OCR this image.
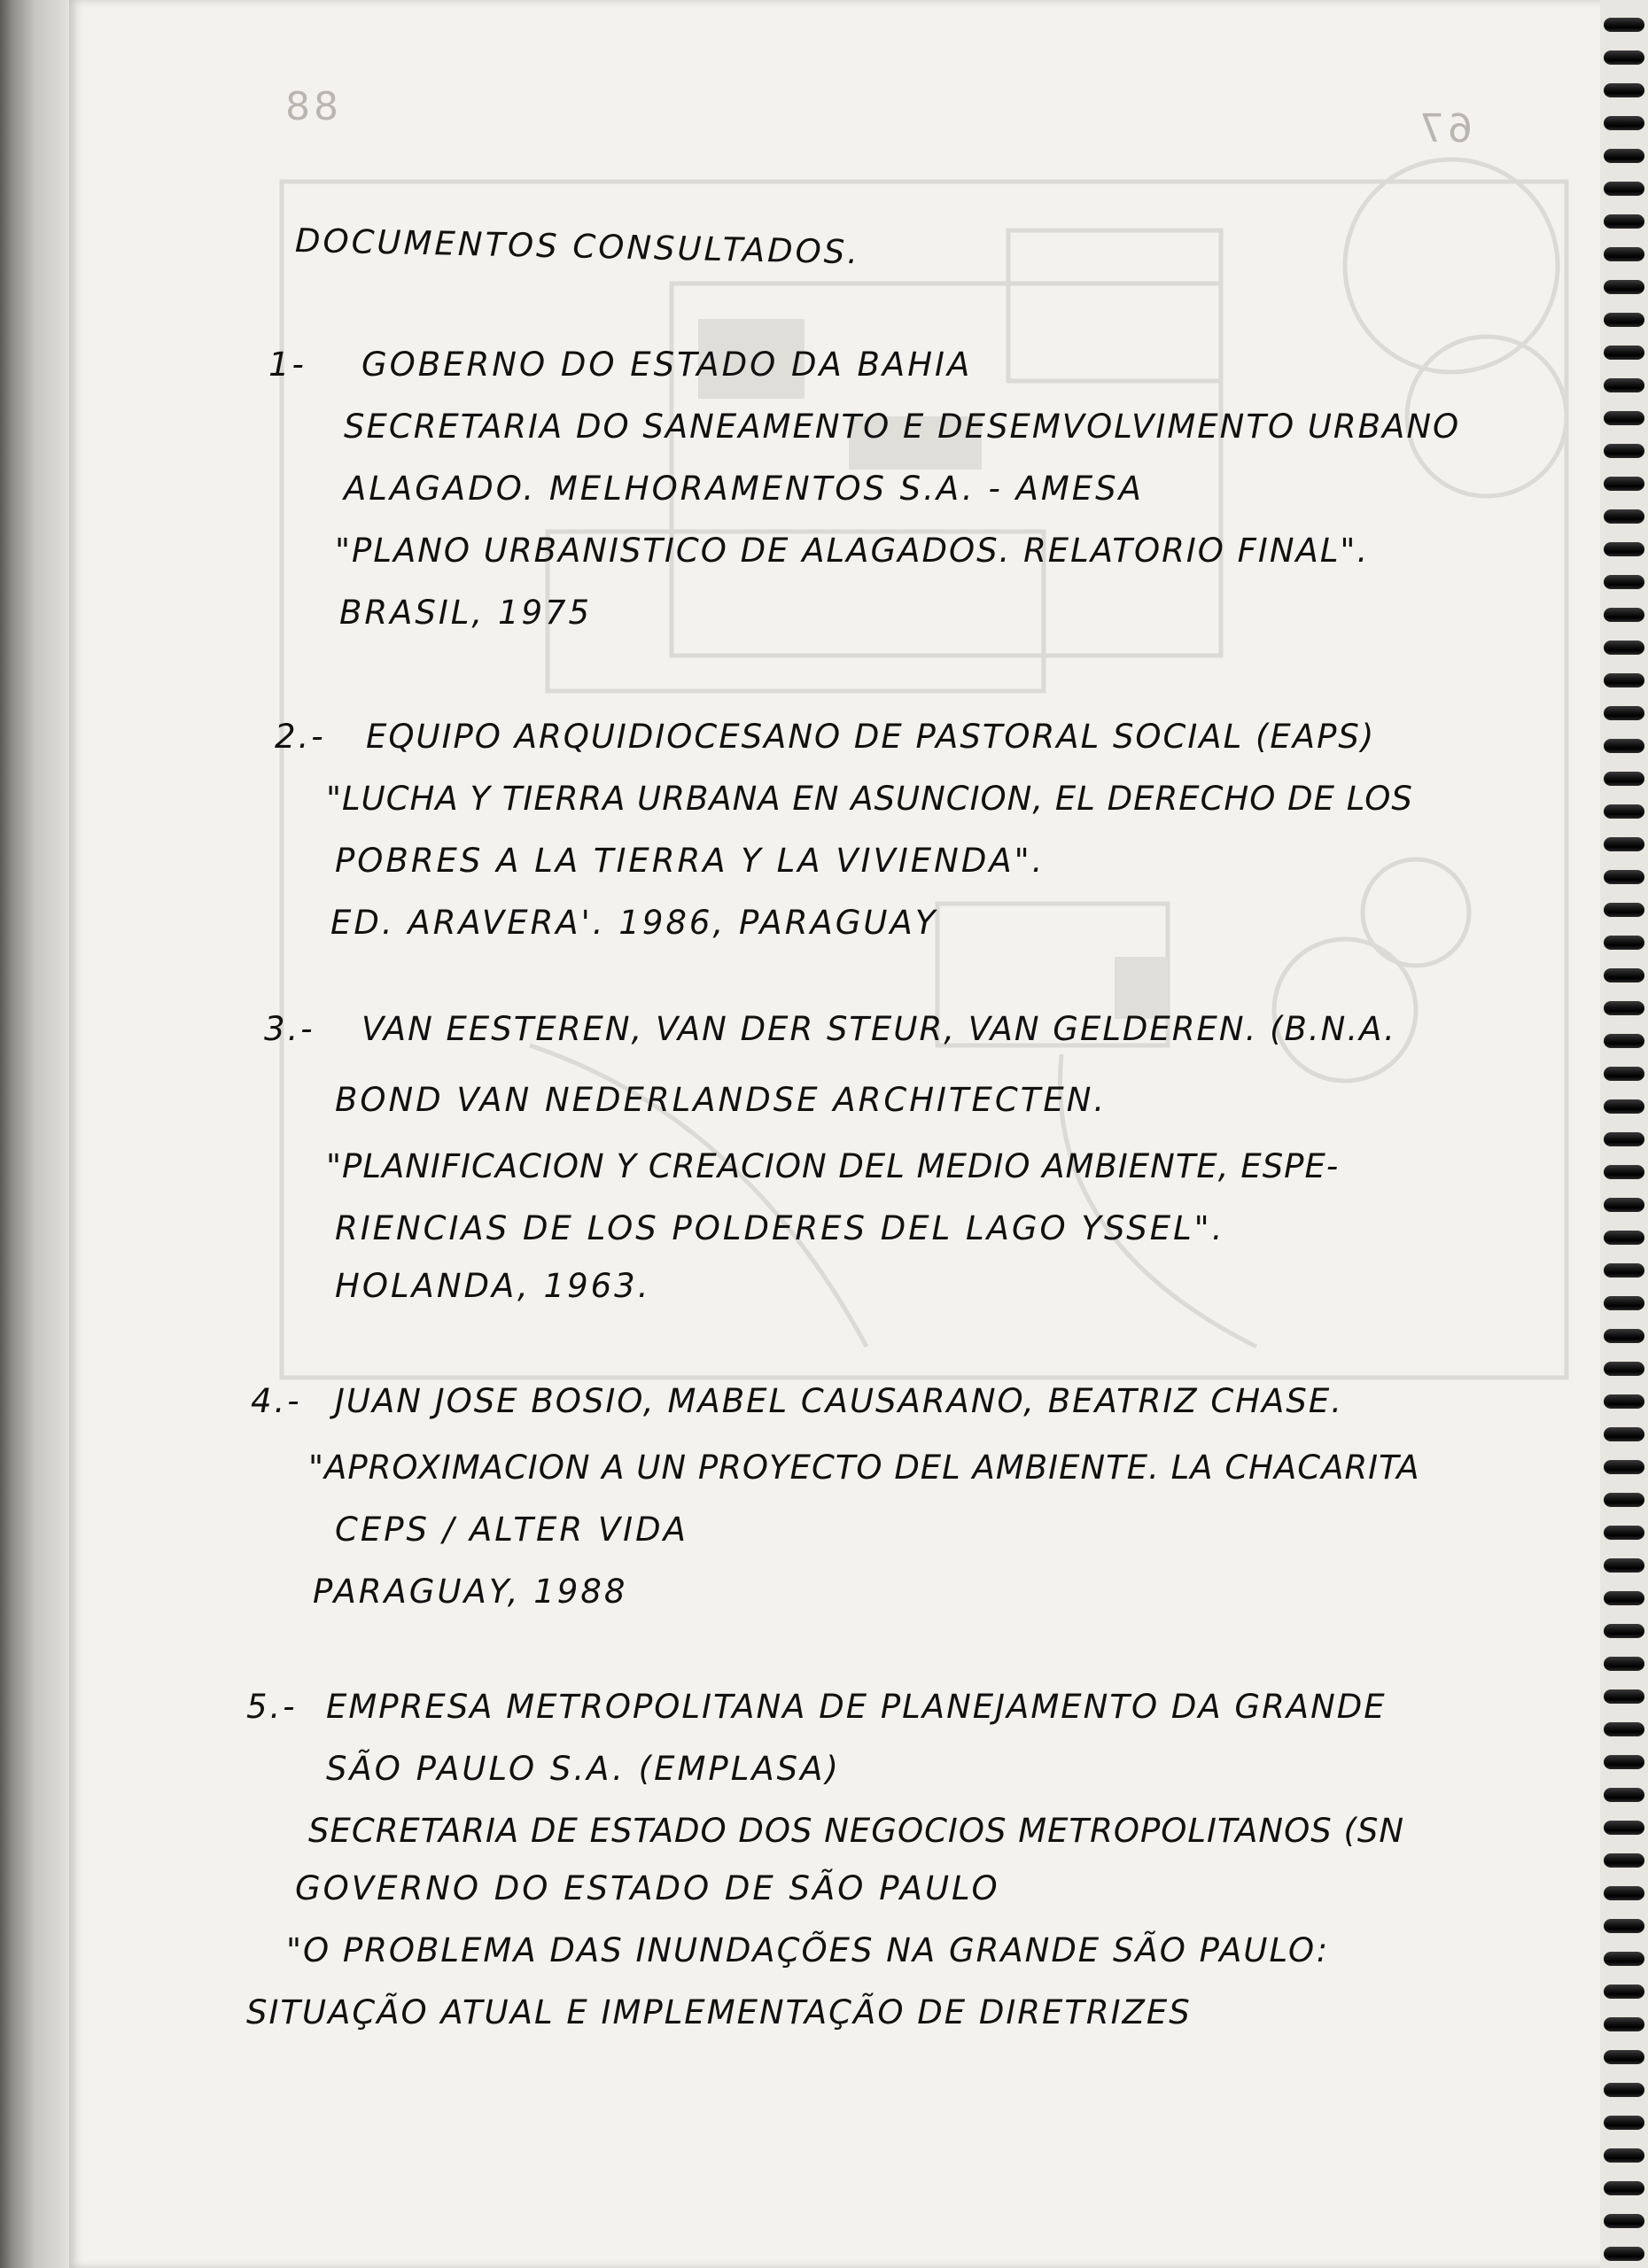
88	67
DOCUMENTOS CONSULTADOS.
1- GOBERNO DO ESTADO DA BAHIA
SECRETARIA DO SANEAMENTO E DESEMVOLVIMENTO URBANO
ALAGADO. MELHORAMENTOS S.A. - AMESA
"PLANO URBANISTICO DE ALAGADOS. RELATORIO FINAL".
BRASIL, 1975
2.- EQUIPO ARQUIDIOCESANO DE PASTORAL SOCIAL (EAPS)
"LUCHA Y TIERRA URBANA EN ASUNCION, EL DERECHO DE LOS
POBRES A LA TIERRA Y LA VIVIENDA".
ED. ARAVERA'. 1986, PARAGUAY
3.- VAN EESTEREN, VAN DER STEUR, VAN GELDEREN. (B.N.A.
BOND VAN NEDERLANDSE ARCHITECTEN.
"PLANIFICACION Y CREACION DEL MEDIO AMBIENTE, ESPE-
RIENCIAS DE LOS POLDERES DEL LAGO YSSEL".
HOLANDA, 1963.
4.- JUAN JOSE BOSIO, MABEL CAUSARANO, BEATRIZ CHASE.
"APROXIMACION A UN PROYECTO DEL AMBIENTE. LA CHACARITA
CEPS / ALTER VIDA
PARAGUAY, 1988
5.- EMPRESA METROPOLITANA DE PLANEJAMENTO DA GRANDE
SÃO PAULO S.A. (EMPLASA)
SECRETARIA DE ESTADO DOS NEGOCIOS METROPOLITANOS (SN
GOVERNO DO ESTADO DE SÃO PAULO
"O PROBLEMA DAS INUNDAÇÕES NA GRANDE SÃO PAULO:
SITUAÇÃO ATUAL E IMPLEMENTAÇÃO DE DIRETRIZES
